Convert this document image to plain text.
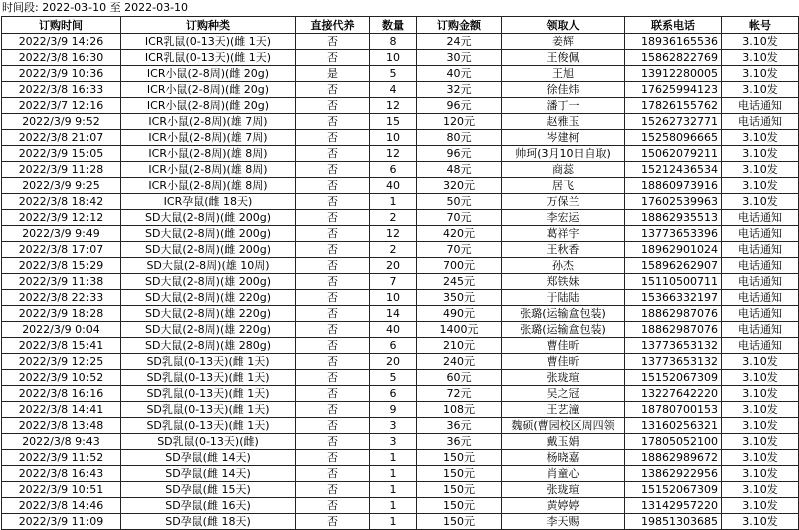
时间段: 2022-03-10 至 2022-03-10
订购时间	订购种类	直接代养	数量	订购金额	领取人	联系电话	帐号
2022/3/9 14:26	ICR乳鼠(0-13天)(雌 1天)	否	8	24元	姜辉	18936165536	3.10发
2022/3/8 16:30	ICR乳鼠(0-13天)(雌 1天)	否	10	30元	王俊佩	15862822769	3.10发
2022/3/9 10:36	ICR小鼠(2-8周)(雌 20g)	是	5	40元	王旭	13912280005	3.10发
2022/3/8 16:33	ICR小鼠(2-8周)(雌 20g)	否	4	32元	徐佳炜	17625994123	3.10发
2022/3/7 12:16	ICR小鼠(2-8周)(雌 20g)	否	12	96元	潘丁一	17826155762	电话通知
2022/3/9 9:52	ICR小鼠(2-8周)(雄 7周)	否	15	120元	赵雅玉	15262732771	电话通知
2022/3/8 21:07	ICR小鼠(2-8周)(雄 7周)	否	10	80元	岑建柯	15258096665	3.10发
2022/3/9 15:05	ICR小鼠(2-8周)(雄 8周)	否	12	96元	帅珂(3月10日自取)	15062079211	3.10发
2022/3/9 11:28	ICR小鼠(2-8周)(雄 8周)	否	6	48元	商蕊	15212436534	3.10发
2022/3/9 9:25	ICR小鼠(2-8周)(雄 8周)	否	40	320元	居飞	18860973916	3.10发
2022/3/8 18:42	ICR孕鼠(雌 18天)	否	1	50元	万保兰	17602539963	3.10发
2022/3/9 12:12	SD大鼠(2-8周)(雌 200g)	否	2	70元	李宏运	18862935513	电话通知
2022/3/9 9:49	SD大鼠(2-8周)(雌 200g)	否	12	420元	葛祥宇	13773653396	电话通知
2022/3/8 17:07	SD大鼠(2-8周)(雌 200g)	否	2	70元	王秋香	18962901024	电话通知
2022/3/8 15:29	SD大鼠(2-8周)(雄 10周)	否	20	700元	孙杰	15896262907	电话通知
2022/3/9 11:38	SD大鼠(2-8周)(雄 200g)	否	7	245元	郑铁妹	15110500711	电话通知
2022/3/8 22:33	SD大鼠(2-8周)(雄 220g)	否	10	350元	于陆陆	15366332197	电话通知
2022/3/9 18:28	SD大鼠(2-8周)(雄 220g)	否	14	490元	张璐(运输盒包装)	18862987076	电话通知
2022/3/9 0:04	SD大鼠(2-8周)(雄 220g)	否	40	1400元	张璐(运输盒包装)	18862987076	电话通知
2022/3/8 15:41	SD大鼠(2-8周)(雄 280g)	否	6	210元	曹佳昕	13773653132	电话通知
2022/3/9 12:25	SD乳鼠(0-13天)(雌 1天)	否	20	240元	曹佳昕	13773653132	3.10发
2022/3/9 10:52	SD乳鼠(0-13天)(雌 1天)	否	5	60元	张珑瑄	15152067309	3.10发
2022/3/8 16:16	SD乳鼠(0-13天)(雌 1天)	否	6	72元	吴之冠	13227642220	3.10发
2022/3/8 14:41	SD乳鼠(0-13天)(雌 1天)	否	9	108元	王艺潼	18780700153	3.10发
2022/3/8 13:48	SD乳鼠(0-13天)(雌 1天)	否	3	36元	魏硕(曹园校区周四领	13160256321	3.10发
2022/3/8 9:43	SD乳鼠(0-13天)(雌)	否	3	36元	戴玉娟	17805052100	3.10发
2022/3/9 11:52	SD孕鼠(雌 14天)	否	1	150元	杨晓嘉	18862989672	3.10发
2022/3/8 16:43	SD孕鼠(雌 14天)	否	1	150元	肖童心	13862922956	3.10发
2022/3/9 10:51	SD孕鼠(雌 15天)	否	1	150元	张珑瑄	15152067309	3.10发
2022/3/8 14:46	SD孕鼠(雌 16天)	否	1	150元	黄婷婷	13142957220	3.10发
2022/3/9 11:09	SD孕鼠(雌 18天)	否	1	150元	李天赐	19851303685	3.10发
